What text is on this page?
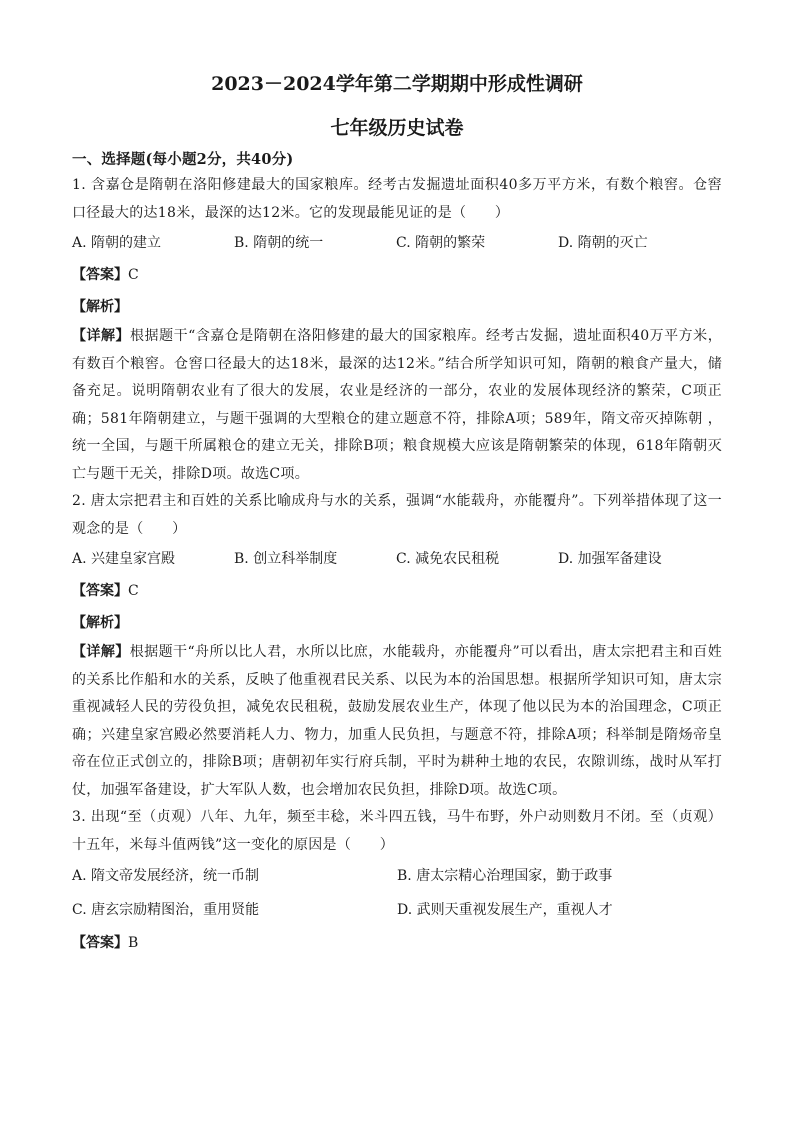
2023－2024学年第二学期期中形成性调研
七年级历史试卷

一、选择题(每小题2分，共40分)

1. 含嘉仓是隋朝在洛阳修建最大的国家粮库。经考古发掘遗址面积40多万平方米，有数个粮窖。仓窖口径最大的达18米，最深的达12米。它的发现最能见证的是（　　）

A. 隋朝的建立	B. 隋朝的统一	C. 隋朝的繁荣	D. 隋朝的灭亡

【答案】C

【解析】

【详解】根据题干“含嘉仓是隋朝在洛阳修建的最大的国家粮库。经考古发掘，遗址面积40万平方米，有数百个粮窖。仓窖口径最大的达18米，最深的达12米。”结合所学知识可知，隋朝的粮食产量大，储备充足。说明隋朝农业有了很大的发展，农业是经济的一部分，农业的发展体现经济的繁荣，C项正确；581年隋朝建立，与题干强调的大型粮仓的建立题意不符，排除A项；589年，隋文帝灭掉陈朝 ，统一全国，与题干所属粮仓的建立无关，排除B项；粮食规模大应该是隋朝繁荣的体现，618年隋朝灭亡与题干无关，排除D项。故选C项。

2. 唐太宗把君主和百姓的关系比喻成舟与水的关系，强调“水能载舟，亦能覆舟”。下列举措体现了这一观念的是（　　）

A. 兴建皇家宫殿	B. 创立科举制度	C. 减免农民租税	D. 加强军备建设

【答案】C

【解析】

【详解】根据题干“舟所以比人君，水所以比庶，水能载舟，亦能覆舟”可以看出，唐太宗把君主和百姓的关系比作船和水的关系，反映了他重视君民关系、以民为本的治国思想。根据所学知识可知，唐太宗重视减轻人民的劳役负担，减免农民租税，鼓励发展农业生产，体现了他以民为本的治国理念，C项正确；兴建皇家宫殿必然要消耗人力、物力，加重人民负担，与题意不符，排除A项；科举制是隋炀帝皇帝在位正式创立的，排除B项；唐朝初年实行府兵制，平时为耕种土地的农民，农隙训练，战时从军打仗，加强军备建设，扩大军队人数，也会增加农民负担，排除D项。故选C项。

3. 出现“至（贞观）八年、九年，频至丰稔，米斗四五钱，马牛布野，外户动则数月不闭。至（贞观）十五年，米每斗值两钱”这一变化的原因是（　　）

A. 隋文帝发展经济，统一币制	B. 唐太宗精心治理国家，勤于政事
C. 唐玄宗励精图治，重用贤能	D. 武则天重视发展生产，重视人才

【答案】B
